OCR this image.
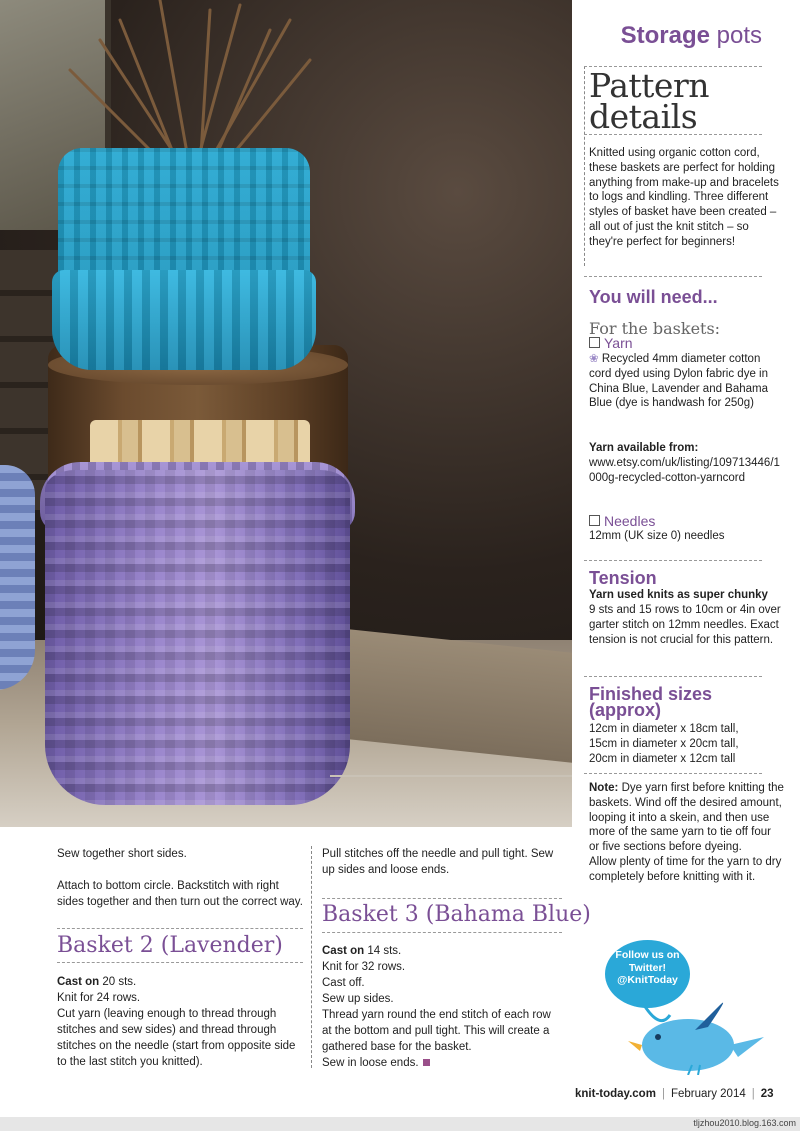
Storage pots
Pattern
details
Knitted using organic cotton cord, these baskets are perfect for holding anything from make-up and bracelets to logs and kindling. Three different styles of basket have been created – all out of just the knit stitch – so they're perfect for beginners!
You will need...
For the baskets:
Yarn
❀ Recycled 4mm diameter cotton cord dyed using Dylon fabric dye in China Blue, Lavender and Bahama Blue (dye is handwash for 250g)
Yarn available from:
www.etsy.com/uk/listing/109713446/1000g-recycled-cotton-yarncord
Needles
12mm (UK size 0) needles
Tension
Yarn used knits as super chunky
9 sts and 15 rows to 10cm or 4in over garter stitch on 12mm needles. Exact tension is not crucial for this pattern.
Finished sizes
(approx)
12cm in diameter x 18cm tall,
15cm in diameter x 20cm tall,
20cm in diameter x 12cm tall
Note: Dye yarn first before knitting the baskets. Wind off the desired amount, looping it into a skein, and then use more of the same yarn to tie off four or five sections before dyeing.
Allow plenty of time for the yarn to dry completely before knitting with it.
Follow us on
Twitter!
@KnitToday

Sew together short sides.

Attach to bottom circle. Backstitch with right sides together and then turn out the correct way.

Basket 2 (Lavender)

Cast on 20 sts.

Knit for 24 rows.

Cut yarn (leaving enough to thread through stitches and sew sides) and thread through stitches on the needle (start from opposite side to the last stitch you knitted).

Pull stitches off the needle and pull tight. Sew up sides and loose ends.

Basket 3 (Bahama Blue)

Cast on 14 sts.

Knit for 32 rows.

Cast off.

Sew up sides.

Thread yarn round the end stitch of each row at the bottom and pull tight. This will create a gathered base for the basket.

Sew in loose ends.

knit-today.com | February 2014 | 23
tljzhou2010.blog.163.com
